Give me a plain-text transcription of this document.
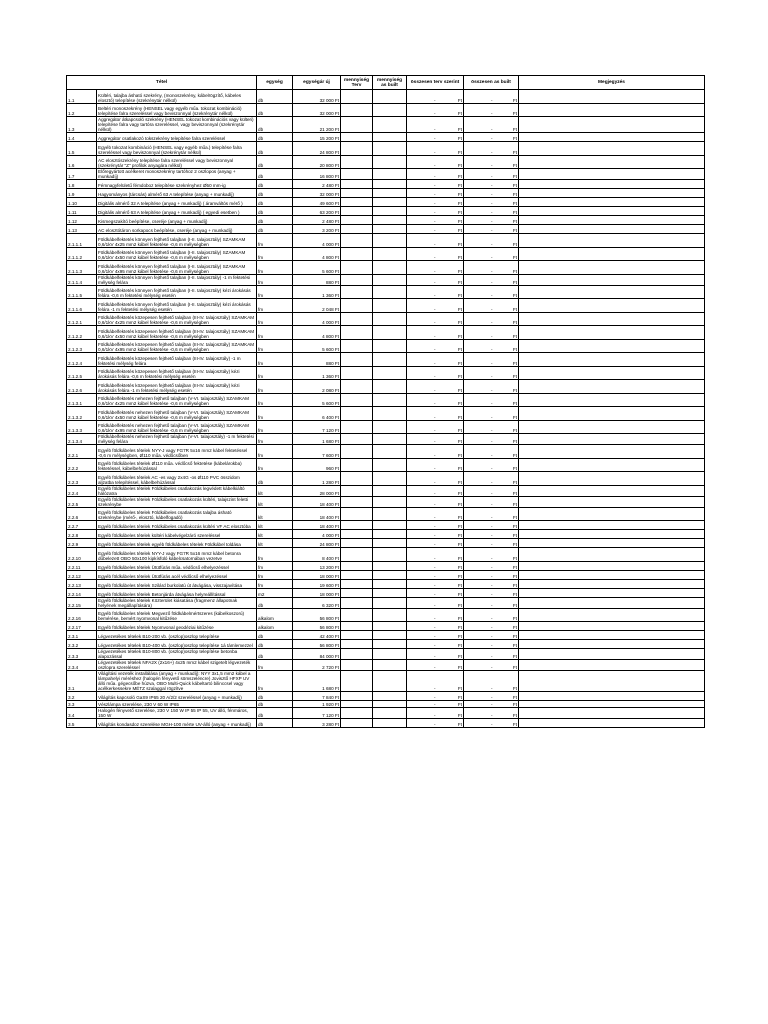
Tétel		egység	egységár új	mennyiség Terv	mennyiség as built	összesen terv szerint	összesen as built	Megjegyzés
1.1	Kültéri, talajba ásható szekrény, (monoszekrény, kábelrögzítő, kábeles elosztó) telepítése (szekrénytár nélkül)	db	32 000 Ft			- Ft	- Ft	

1.2	Beltéri monoszekrény (HENSEL vagy egyéb műa. tokozat kombináció) telepítése falra szereléssel vagy beviszonnyal (szekrénytár nélkül)	db	32 000 Ft			- Ft	- Ft	

1.3	Aggregátor átkapcsoló szekrény (HENSEL tokozat kombinációs vagy külteri) telepítése falra vagy tartóra szereléssel, vagy beviszonnyal (szekrénytár nélkül)	db	21 200 Ft			- Ft	- Ft	

1.4	Aggregátor csatlakozó tokszekrény telepítése falra szereléssel	db	15 200 Ft			- Ft	- Ft	

1.5	Egyéb tokozat kombináció (HENSEL vagy egyéb műa.) telepítése falra szereléssel vagy beviszonnyal (szekrénytár nélkül)	db	24 800 Ft			- Ft	- Ft	

1.6	AC elosztószekrény telepítése falra szereléssel vagy beviszonnyal (szekrénytár "Z" profilok anyagára nélkül)	db	20 800 Ft			- Ft	- Ft	

1.7	Előregyártott acélkeret monoszekrény tartóhoz 2 oszlopos (anyag + munkadíj)	db	16 800 Ft			- Ft	- Ft	

1.8	Fémnagyfelületű fémdoboz telepítése szekrényhez Ø50 mm-ig	db	2 480 Ft			- Ft	- Ft	

1.9	Hagyományos (tárcsás) almérő 63 A telepítése (anyag + munkadíj)	db	32 000 Ft			- Ft	- Ft	

1.10	Digitális almérő 32 A telepítése (anyag + munkadíj) ( áramváltós mérő )	db	49 600 Ft			- Ft	- Ft	

1.11	Digitális almérő 63 A telepítése (anyag + munkadíj) ( egyedi esetben )	db	63 200 Ft			- Ft	- Ft	

1.12	Kismegszakító beépítése, cseréje (anyag + munkadíj)	db	2 480 Ft			- Ft	- Ft	

1.13	AC elosztótáron sorkapocs beépítése, cseréje (anyag + munkadíj)	db	3 200 Ft			- Ft	- Ft	

2.1.1.1	Földkábelfektetés könnyen fejthető talajban (I-II. talajosztály) SZAMKAM 0,6/1kV 4x25 mm2 kábel fektetése -0,6 m mélységben	fm	4 000 Ft			- Ft	- Ft	

2.1.1.2	Földkábelfektetés könnyen fejthető talajban (I-II. talajosztály) SZAMKAM 0,6/1kV 4x50 mm2 kábel fektetése -0,6 m mélységben	fm	4 800 Ft			- Ft	- Ft	

2.1.1.3	Földkábelfektetés könnyen fejthető talajban (I-II. talajosztály) SZAMKAM 0,6/1kV 4x95 mm2 kábel fektetése -0,6 m mélységben	fm	5 600 Ft			- Ft	- Ft	

2.1.1.4	Földkábelfektetés könnyen fejthető talajban (I-II. talajosztály) -1 m fektetési mélység felára	fm	880 Ft			- Ft	- Ft	

2.1.1.5	Földkábelfektetés könnyen fejthető talajban (I-II. talajosztály) kézi árokásás felára -0,6 m fektetési mélység esetén	fm	1 360 Ft			- Ft	- Ft	

2.1.1.6	Földkábelfektetés könnyen fejthető talajban (I-II. talajosztály) kézi árokásás felára -1 m fektetési mélység esetén	fm	2 048 Ft			- Ft	- Ft	

2.1.2.1	Földkábelfektetés közepesen fejthető talajban (III-IV. talajosztály) SZAMKAM 0,6/1kV 4x25 mm2 kábel fektetése -0,6 m mélységben	fm	4 000 Ft			- Ft	- Ft	

2.1.2.2	Földkábelfektetés közepesen fejthető talajban (III-IV. talajosztály) SZAMKAM 0,6/1kV 4x50 mm2 kábel fektetése -0,6 m mélységben	fm	4 800 Ft			- Ft	- Ft	

2.1.2.3	Földkábelfektetés közepesen fejthető talajban (III-IV. talajosztály) SZAMKAM 0,6/1kV 4x95 mm2 kábel fektetése -0,6 m mélységben	fm	5 600 Ft			- Ft	- Ft	

2.1.2.4	Földkábelfektetés közepesen fejthető talajban (III-IV. talajosztály) -1 m fektetési mélység felára	fm	880 Ft			- Ft	- Ft	

2.1.2.5	Földkábelfektetés közepesen fejthető talajban (III-IV. talajosztály) kézi árokásás felára -0,6 m fektetési mélység esetén	fm	1 360 Ft			- Ft	- Ft	

2.1.2.6	Földkábelfektetés közepesen fejthető talajban (III-IV. talajosztály) kézi árokásás felára -1 m fektetési mélység esetén	fm	2 080 Ft			- Ft	- Ft	

2.1.3.1	Földkábelfektetés nehezen fejthető talajban (V-VI. talajosztály) SZAMKAM 0,6/1kV 4x25 mm2 kábel fektetése -0,6 m mélységben	fm	5 600 Ft			- Ft	- Ft	

2.1.3.2	Földkábelfektetés nehezen fejthető talajban (V-VI. talajosztály) SZAMKAM 0,6/1kV 4x50 mm2 kábel fektetése -0,6 m mélységben	fm	6 400 Ft			- Ft	- Ft	

2.1.3.3	Földkábelfektetés nehezen fejthető talajban (V-VI. talajosztály) SZAMKAM 0,6/1kV 4x95 mm2 kábel fektetése -0,6 m mélységben	fm	7 120 Ft			- Ft	- Ft	

2.1.3.4	Földkábelfektetés nehezen fejthető talajban (V-VI. talajosztály) -1 m fektetési mélység felára	fm	1 680 Ft			- Ft	- Ft	

2.2.1	Egyéb földkábeles tételek NYY-J vagy FG7R 5x16 mm2 kábel fektetéssel -0,6 m mélységben, Ø110 műa. védőcsőben	fm	7 600 Ft			- Ft	- Ft	

2.2.2	Egyéb földkábeles tételek Ø110 műa. védőcső fektetése (kábelárokba) fektetéssel, kábelbehúzással	fm	960 Ft			- Ft	- Ft	

2.2.3	Egyéb földkábeles tételek AC -es vagy 2x4G -os Ø110 PVC összidom aljzatba telepítéssel, kábelbehúzással	db	1 280 Ft			- Ft	- Ft	

2.2.4	Egyéb földkábeles tételek Földkábeles csatlakozás legvédett kábelkiáltó hálózatra	klt	28 000 Ft			- Ft	- Ft	

2.2.5	Egyéb földkábeles tételek Földkábeles csatlakozás kültéri, talajszint feletti szekrénybe	klt	18 400 Ft			- Ft	- Ft	

2.2.6	Egyéb földkábeles tételek Földkábeles csatlakozás talajba ásható szekrénybe (mérő-, elosztó, kábelfogadó)	klt	18 400 Ft			- Ft	- Ft	

2.2.7	Egyéb földkábeles tételek Földkábeles csatlakozás kültéri VF AC elosztóba	klt	18 400 Ft			- Ft	- Ft	

2.2.8	Egyéb földkábeles tételek kültéri kábelvégelzáró szereléssel	klt	4 000 Ft			- Ft	- Ft	

2.2.9	Egyéb földkábeles tételek egyéb földkábeles tételek Földkábel toldása	klt	24 800 Ft			- Ft	- Ft	

2.2.10	Egyéb földkábeles tételek NYY-J vagy FG7R 5x16 mm2 kábel betonra dűbelezett OBO 50x100 kipkísfüló kábelcsatornában vezetve	fm	8 400 Ft			- Ft	- Ft	

2.2.11	Egyéb földkábeles tételek Ütütfúrás műa. védőcső elhelyezéssel	fm	13 200 Ft			- Ft	- Ft	

2.2.12	Egyéb földkábeles tételek Ütütfúrás acél védőcső elhelyezéssel	fm	18 000 Ft			- Ft	- Ft	

2.2.13	Egyéb földkábeles tételek Szilárd burkolatú út átvágása, visszajavítása	fm	19 600 Ft			- Ft	- Ft	

2.2.14	Egyéb földkábeles tételek Betonjárda átvágása helyreállítással	m2	18 000 Ft			- Ft	- Ft	

2.2.15	Egyéb földkábeles tételek Közterület kiásatása (fragmenz állapotnak helyének megállapítására)	db	6 320 Ft			- Ft	- Ft	

2.2.16	Egyéb földkábeles tételek Megvező földkábelmértszeres (kábelkoszorú) bemérése, bemért nyomvonal kitűzése	alkalom	56 800 Ft			- Ft	- Ft	

2.2.17	Egyéb földkábeles tételek Nyomvonal geodéziai kitűzése	alkalom	56 800 Ft			- Ft	- Ft	

2.3.1	Légvezetékes tételek B10-200 vb. (oszlop)oszlop telepítése	db	42 400 Ft			- Ft	- Ft	

2.3.2	Légvezetékes tételek B10-400 vb. (oszlop)oszlop telepítése 1á támlemezzel	db	56 800 Ft			- Ft	- Ft	

2.3.3	Légvezetékes tételek B10-800 vb. (oszlop)oszlop telepítése betonba alapozással	db	84 000 Ft			- Ft	- Ft	

2.3.4	Légvezetékes tételek NFA2X (2x16+) 4x25 mm2 kábel szigetelt légvezeték oszlopra szereléssel	fm	2 720 Ft			- Ft	- Ft	

3.1	Világítási vezeték installálása (anyag + munkadíj): NYY 3x1,5 mm2 kábel a lámpahelyi méréshez (halogén fényvető sömszeléncre) Jovisztő HFXP UV álló műa. gégecsőbe húzva, OBO Multi-Quick kábeltartó bilinccsel vagy acélkerkessekre MÉTZ szalaggal rögzítve	fm	1 680 Ft			- Ft	- Ft	

3.2	Világítás kapcsoló GaS9 IP65 20 A/2/2 szereléssel (anyag + munkadíj)	db	7 840 Ft			- Ft	- Ft	

3.3	Vészlámpa szerelése, 230 V 60 W IP65	db	1 920 Ft			- Ft	- Ft	

3.4	Halogén fényvető szerelése, 230 V 150 W IP 55 IP 55, UV álló, fénmáros, 150 W	db	7 120 Ft			- Ft	- Ft	

3.5	Világítás kondasdoz szerelése MGH-100 mérte UV-álló (anyag + munkadíj)	db	3 280 Ft			- Ft	- Ft	
